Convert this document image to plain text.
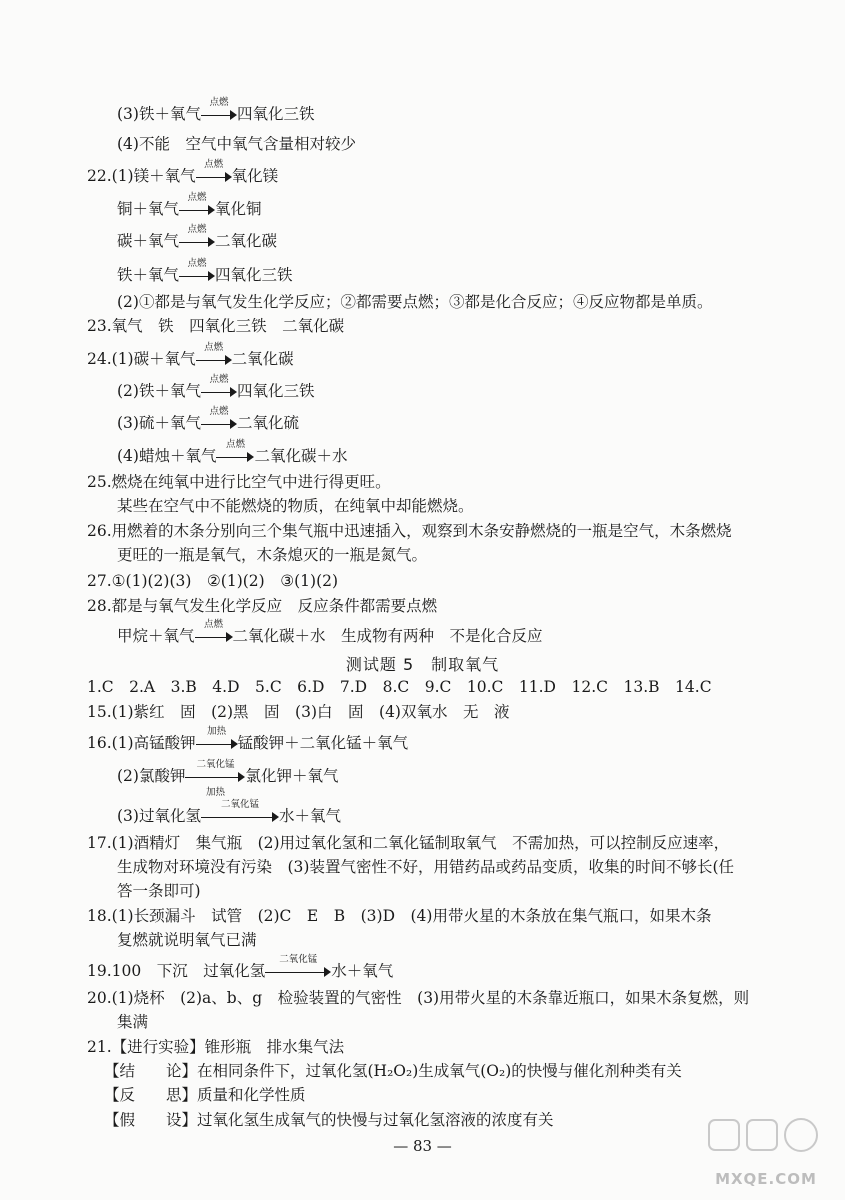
(3)铁＋氧气
点燃
四氧化三铁
(4)不能　空气中氧气含量相对较少
22.(1)镁＋氧气
点燃
氧化镁
铜＋氧气
点燃
氧化铜
碳＋氧气
点燃
二氧化碳
铁＋氧气
点燃
四氧化三铁
(2)①都是与氧气发生化学反应；②都需要点燃；③都是化合反应；④反应物都是单质。
23.氧气　铁　四氧化三铁　二氧化碳
24.(1)碳＋氧气
点燃
二氧化碳
(2)铁＋氧气
点燃
四氧化三铁
(3)硫＋氧气
点燃
二氧化硫
(4)蜡烛＋氧气
点燃
二氧化碳＋水
25.燃烧在纯氧中进行比空气中进行得更旺。
某些在空气中不能燃烧的物质，在纯氧中却能燃烧。
26.用燃着的木条分别向三个集气瓶中迅速插入，观察到木条安静燃烧的一瓶是空气，木条燃烧
更旺的一瓶是氧气，木条熄灭的一瓶是氮气。
27.①(1)(2)(3)　②(1)(2)　③(1)(2)
28.都是与氧气发生化学反应　反应条件都需要点燃
甲烷＋氧气
点燃
二氧化碳＋水　生成物有两种　不是化合反应
测试题 5　制取氧气
1.C　2.A　3.B　4.D　5.C　6.D　7.D　8.C　9.C　10.C　11.D　12.C　13.B　14.C
15.(1)紫红　固　(2)黑　固　(3)白　固　(4)双氧水　无　液
16.(1)高锰酸钾
加热
锰酸钾＋二氧化锰＋氧气
(2)氯酸钾
二氧化锰
加热
氯化钾＋氧气
(3)过氧化氢
二氧化锰
水＋氧气
17.(1)酒精灯　集气瓶　(2)用过氧化氢和二氧化锰制取氧气　不需加热，可以控制反应速率，
生成物对环境没有污染　(3)装置气密性不好，用错药品或药品变质，收集的时间不够长(任
答一条即可)
18.(1)长颈漏斗　试管　(2)C　E　B　(3)D　(4)用带火星的木条放在集气瓶口，如果木条
复燃就说明氧气已满
19.100　下沉　过氧化氢
二氧化锰
水＋氧气
20.(1)烧杯　(2)a、b、g　检验装置的气密性　(3)用带火星的木条靠近瓶口，如果木条复燃，则
集满
21.【进行实验】锥形瓶　排水集气法
【结　　论】在相同条件下，过氧化氢(H₂O₂)生成氧气(O₂)的快慢与催化剂种类有关
【反　　思】质量和化学性质
【假　　设】过氧化氢生成氧气的快慢与过氧化氢溶液的浓度有关
— 83 —
MXQE.COM
